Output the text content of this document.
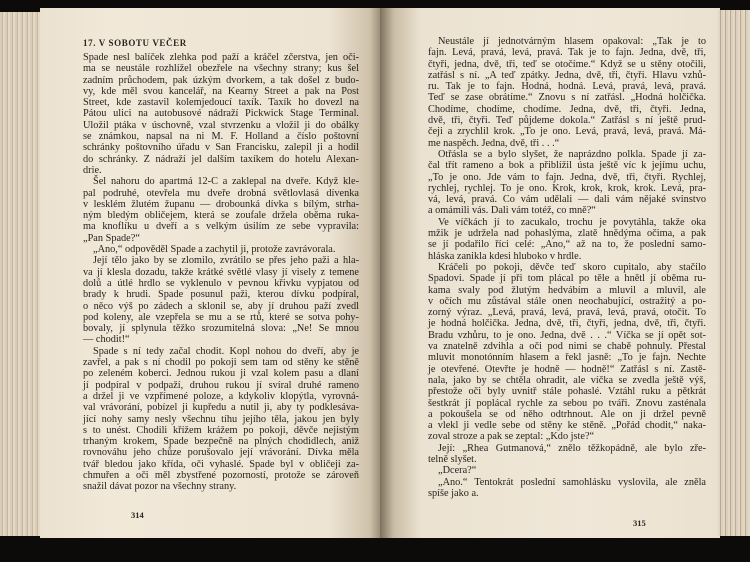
17. V SOBOTU VEČER
Spade nesl balíček zlehka pod paží a kráčel zčerstva, jen oči-
ma se neustále rozhlížel obezřele na všechny strany; kus šel
zadním průchodem, pak úzkým dvorkem, a tak došel z budo-
vy, kde měl svou kancelář, na Kearny Street a pak na Post
Street, kde zastavil kolemjedoucí taxík. Taxík ho dovezl na
Pátou ulici na autobusové nádraží Pickwick Stage Terminal.
Uložil ptáka v úschovně, vzal stvrzenku a vložil ji do obálky
se známkou, napsal na ni M. F. Holland a číslo poštovní
schránky poštovního úřadu v San Francisku, zalepil ji a hodil
do schránky. Z nádraží jel dalším taxíkem do hotelu Alexan-
drie.
Šel nahoru do apartmá 12-C a zaklepal na dveře. Když kle-
pal podruhé, otevřela mu dveře drobná světlovlasá dívenka
v lesklém žlutém županu — drobounká dívka s bílým, strha-
ným bledým obličejem, která se zoufale držela oběma ruka-
ma knoflíku u dveří a s velkým úsilím ze sebe vypravila:
„Pan Spade?“
„Ano,“ odpověděl Spade a zachytil ji, protože zavrávorala.
Její tělo jako by se zlomilo, zvrátilo se přes jeho paži a hla-
va jí klesla dozadu, takže krátké světlé vlasy jí visely z temene
dolů a útlé hrdlo se vyklenulo v pevnou křivku vypjatou od
brady k hrudi. Spade posunul paži, kterou dívku podpíral,
o něco výš po zádech a sklonil se, aby jí druhou paží zvedl
pod koleny, ale vzepřela se mu a se rtů, které se sotva pohy-
bovaly, jí splynula těžko srozumitelná slova: „Ne! Se mnou
— chodit!“
Spade s ní tedy začal chodit. Kopl nohou do dveří, aby je
zavřel, a pak s ní chodil po pokoji sem tam od stěny ke stěně
po zeleném koberci. Jednou rukou ji vzal kolem pasu a dlaní
jí podpíral v podpaží, druhou rukou jí svíral druhé rameno
a držel ji ve vzpřímené poloze, a kdykoliv klopýtla, vyrovná-
val vrávorání, pobízel ji kupředu a nutil ji, aby ty podklesáva-
jící nohy samy nesly všechnu tíhu jejího těla, jakou jen byly
s to unést. Chodili křížem krážem po pokoji, děvče nejistým
trhaným krokem, Spade bezpečně na plných chodidlech, aniž
rovnováhu jeho chůze porušovalo její vrávorání. Dívka měla
tvář bledou jako křída, oči vyhaslé. Spade byl v obličeji za-
chmuřen a oči měl zbystřené pozorností, protože se zároveň
snažil dávat pozor na všechny strany.
Neustále jí jednotvárným hlasem opakoval: „Tak je to
fajn. Levá, pravá, levá, pravá. Tak je to fajn. Jedna, dvě, tři,
čtyři, jedna, dvě, tři, teď se otočíme.“ Když se u stěny otočili,
zatřásl s ní. „A teď zpátky. Jedna, dvě, tři, čtyři. Hlavu vzhů-
ru. Tak je to fajn. Hodná, hodná. Levá, pravá, levá, pravá.
Teď se zase obrátíme.“ Znovu s ní zatřásl. „Hodná holčička.
Chodíme, chodíme, chodíme. Jedna, dvě, tři, čtyři. Jedna,
dvě, tři, čtyři. Teď půjdeme dokola.“ Zatřásl s ní ještě prud-
čeji a zrychlil krok. „To je ono. Levá, pravá, levá, pravá. Má-
me naspěch. Jedna, dvě, tři . . .“
Otřásla se a bylo slyšet, že naprázdno polkla. Spade jí za-
čal třít rameno a bok a přiblížil ústa ještě víc k jejímu uchu,
„To je ono. Jde vám to fajn. Jedna, dvě, tři, čtyři. Rychlej,
rychlej, rychlej. To je ono. Krok, krok, krok, krok. Levá, pra-
vá, levá, pravá. Co vám udělali — dali vám nějaké svinstvo
a omámili vás. Dali vám totéž, co mně?“
Ve víčkách jí to zacukalo, trochu je povytáhla, takže oka
mžik je udržela nad pohaslýma, zlatě hnědýma očima, a pak
se jí podařilo říci celé: „Ano,“ až na to, že poslední samo-
hláska zanikla kdesi hluboko v hrdle.
Kráčeli po pokoji, děvče teď skoro cupitalo, aby stačilo
Spadovi. Spade jí při tom plácal po těle a hnětl jí oběma ru-
kama svaly pod žlutým hedvábím a mluvil a mluvil, ale
v očích mu zůstával stále onen neochabující, ostražitý a po-
zorný výraz. „Levá, pravá, levá, pravá, levá, pravá, otočit. To
je hodná holčička. Jedna, dvě, tři, čtyři, jedna, dvě, tři, čtyři.
Bradu vzhůru, to je ono. Jedna, dvě . . .“ Víčka se jí opět sot-
va znatelně zdvihla a oči pod nimi se chabě pohnuly. Přestal
mluvit monotónním hlasem a řekl jasně: „To je fajn. Nechte
je otevřené. Otevřte je hodně — hodně!“ Zatřásl s ní. Zastě-
nala, jako by se chtěla ohradit, ale víčka se zvedla ještě výš,
přestože oči byly uvnitř stále pohaslé. Vztáhl ruku a pětkrát
šestkrát jí poplácal rychle za sebou po tváři. Znovu zasténala
a pokoušela se od něho odtrhnout. Ale on ji držel pevně
a vlekl ji vedle sebe od stěny ke stěně. „Pořád chodit,“ naka-
zoval stroze a pak se zeptal: „Kdo jste?“
Její: „Rhea Gutmanová,“ znělo těžkopádně, ale bylo zře-
telně slyšet.
„Dcera?“
„Ano.“ Tentokrát poslední samohlásku vyslovila, ale zněla
spíše jako a.
314
315
